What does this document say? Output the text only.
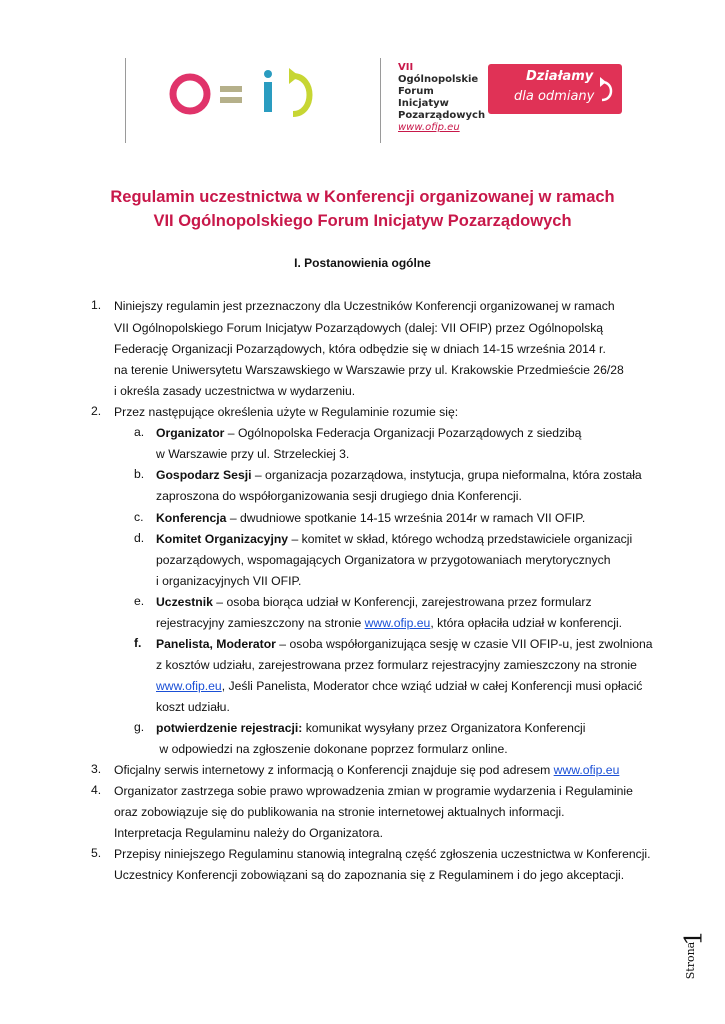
VII
Ogólnopolskie
Forum
Inicjatyw
Pozarządowych
www.ofip.eu
Działamy
dla odmiany
Regulamin uczestnictwa w Konferencji organizowanej w ramach
VII Ogólnopolskiego Forum Inicjatyw Pozarządowych
I. Postanowienia ogólne
1. Niniejszy regulamin jest przeznaczony dla Uczestników Konferencji organizowanej w ramach
VII Ogólnopolskiego Forum Inicjatyw Pozarządowych (dalej: VII OFIP) przez Ogólnopolską
Federację Organizacji Pozarządowych, która odbędzie się w dniach 14-15 września 2014 r.
na terenie Uniwersytetu Warszawskiego w Warszawie przy ul. Krakowskie Przedmieście 26/28
i określa zasady uczestnictwa w wydarzeniu.
2. Przez następujące określenia użyte w Regulaminie rozumie się:
a. Organizator – Ogólnopolska Federacja Organizacji Pozarządowych z siedzibą
w Warszawie przy ul. Strzeleckiej 3.
b. Gospodarz Sesji – organizacja pozarządowa, instytucja, grupa nieformalna, która została
zaproszona do współorganizowania sesji drugiego dnia Konferencji.
c. Konferencja – dwudniowe spotkanie 14-15 września 2014r w ramach VII OFIP.
d. Komitet Organizacyjny – komitet w skład, którego wchodzą przedstawiciele organizacji
pozarządowych, wspomagających Organizatora w przygotowaniach merytorycznych
i organizacyjnych VII OFIP.
e. Uczestnik – osoba biorąca udział w Konferencji, zarejestrowana przez formularz
rejestracyjny zamieszczony na stronie www.ofip.eu, która opłaciła udział w konferencji.
f. Panelista, Moderator – osoba współorganizująca sesję w czasie VII OFIP-u, jest zwolniona
z kosztów udziału, zarejestrowana przez formularz rejestracyjny zamieszczony na stronie
www.ofip.eu, Jeśli Panelista, Moderator chce wziąć udział w całej Konferencji musi opłacić
koszt udziału.
g. potwierdzenie rejestracji: komunikat wysyłany przez Organizatora Konferencji
w odpowiedzi na zgłoszenie dokonane poprzez formularz online.
3. Oficjalny serwis internetowy z informacją o Konferencji znajduje się pod adresem www.ofip.eu
4. Organizator zastrzega sobie prawo wprowadzenia zmian w programie wydarzenia i Regulaminie
oraz zobowiązuje się do publikowania na stronie internetowej aktualnych informacji.
Interpretacja Regulaminu należy do Organizatora.
5. Przepisy niniejszego Regulaminu stanowią integralną część zgłoszenia uczestnictwa w Konferencji.
Uczestnicy Konferencji zobowiązani są do zapoznania się z Regulaminem i do jego akceptacji.
Strona
1
